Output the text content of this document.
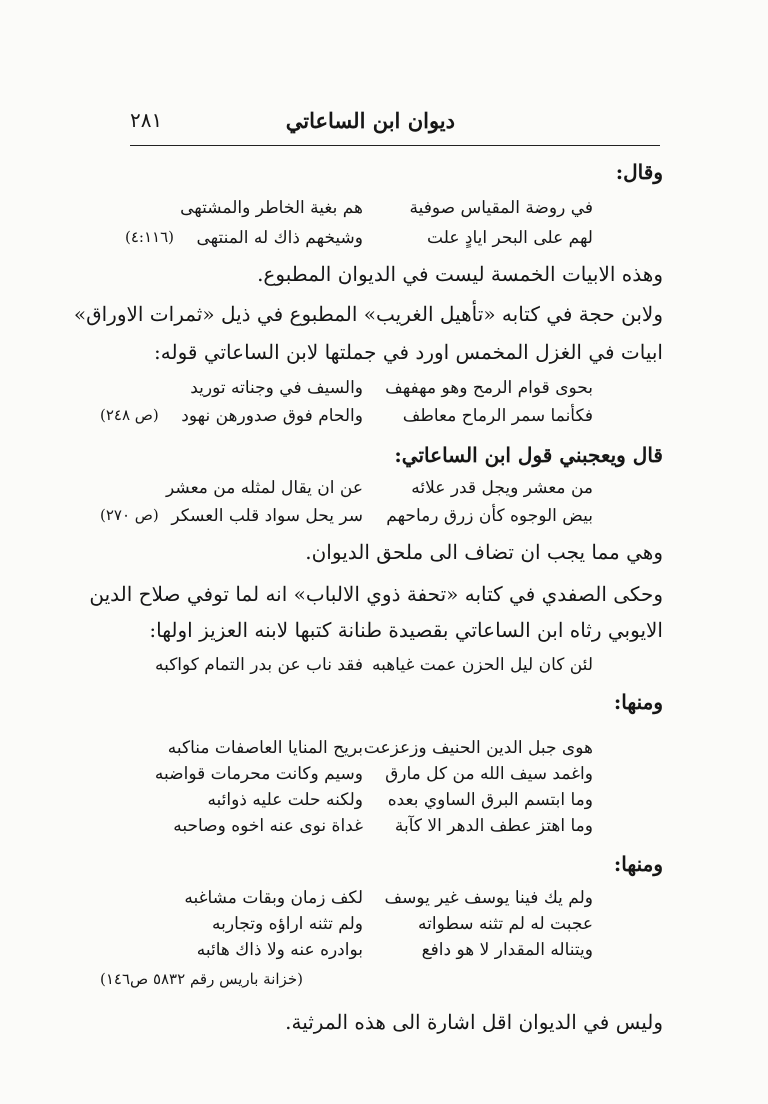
٢٨١	ديوان ابن الساعاتي
وقال:
في روضة المقياس صوفية
هم بغية الخاطر والمشتهى
لهم على البحر ايادٍ علت
وشيخهم ذاك له المنتهى
(٤:١١٦)
وهذه الابيات الخمسة ليست في الديوان المطبوع.
ولابن حجة في كتابه «تأهيل الغريب» المطبوع في ذيل «ثمرات الاوراق»
ابيات في الغزل المخمس اورد في جملتها لابن الساعاتي قوله:
بحوى قوام الرمح وهو مهفهف
والسيف في وجناته توريد
فكأنما سمر الرماح معاطف
والحام فوق صدورهن نهود
(ص ٢٤٨)
قال ويعجبني قول ابن الساعاتي:
من معشر ويجل قدر علائه
عن ان يقال لمثله من معشر
بيض الوجوه كأن زرق رماحهم
سر يحل سواد قلب العسكر
(ص ٢٧٠)
وهي مما يجب ان تضاف الى ملحق الديوان.
وحكى الصفدي في كتابه «تحفة ذوي الالباب» انه لما توفي صلاح الدين
الايوبي رثاه ابن الساعاتي بقصيدة طنانة كتبها لابنه العزيز اولها:
لئن كان ليل الحزن عمت غياهبه
فقد ناب عن بدر التمام كواكبه
ومنها:
هوى جبل الدين الحنيف وزعزعت
بريح المنايا العاصفات مناكبه
واغمد سيف الله من كل مارق
وسيم وكانت محرمات قواضبه
وما ابتسم البرق الساوي بعده
ولكنه حلت عليه ذوائبه
وما اهتز عطف الدهر الا كآبة
غداة نوى عنه اخوه وصاحبه
ومنها:
ولم يك فينا يوسف غير يوسف
لكف زمان وبقات مشاغبه
عجبت له لم تثنه سطواته
ولم تثنه اراؤه وتجاربه
ويتناله المقدار لا هو دافع
بوادره عنه ولا ذاك هائبه
(خزانة باريس رقم ٥٨٣٢ ص١٤٦)
وليس في الديوان اقل اشارة الى هذه المرثية.
